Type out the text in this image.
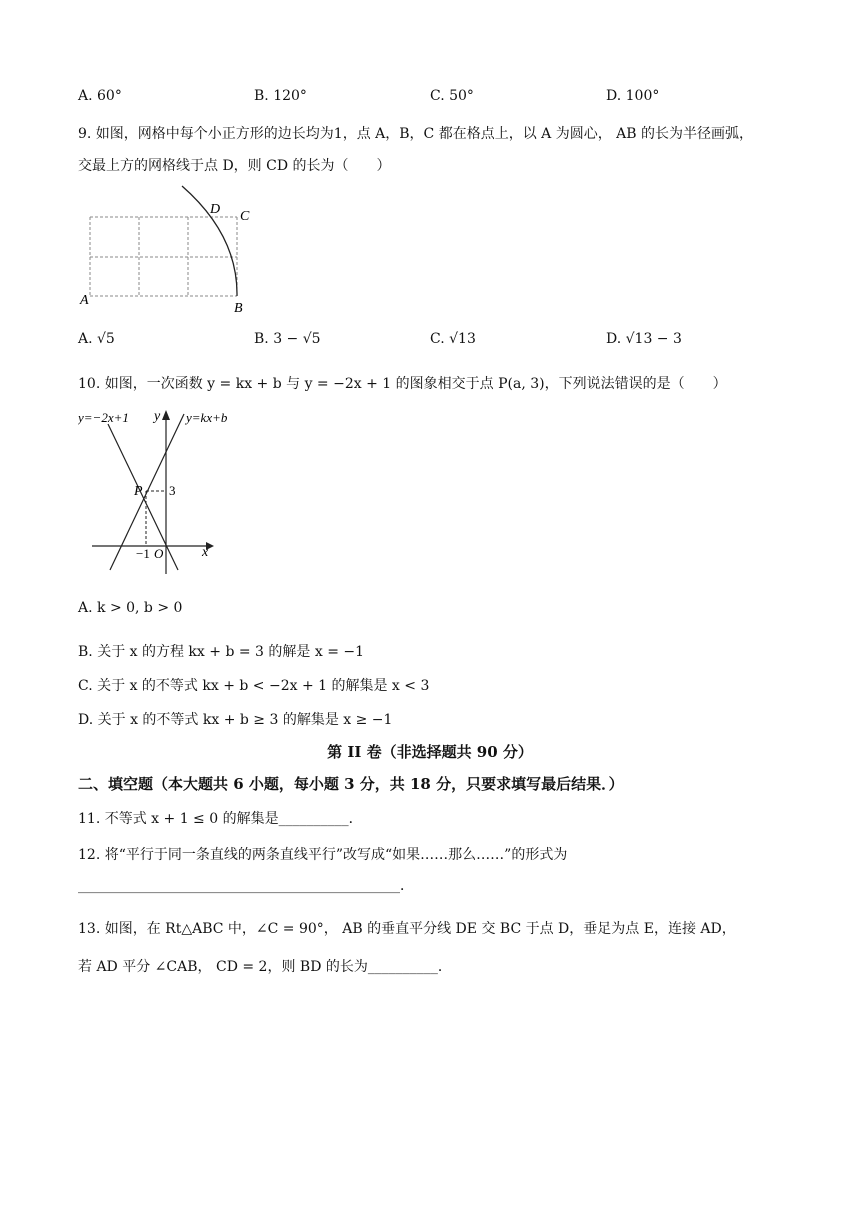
A. 60°	B. 120°	C. 50°	D. 100°
9. 如图，网格中每个小正方形的边长均为1，点 A，B，C 都在格点上，以 A 为圆心， AB 的长为半径画弧，
交最上方的网格线于点 D，则 CD 的长为（　　）
A
B
C
D
A. √5	B. 3 − √5	C. √13	D. √13 − 3
10. 如图，一次函数 y = kx + b 与 y = −2x + 1 的图象相交于点 P(a, 3)，下列说法错误的是（　　）
y=−2x+1	y=kx+b
y
x
P 3
−1 O
A. k > 0, b > 0
B. 关于 x 的方程 kx + b = 3 的解是 x = −1
C. 关于 x 的不等式 kx + b < −2x + 1 的解集是 x < 3
D. 关于 x 的不等式 kx + b ≥ 3 的解集是 x ≥ −1
第 II 卷（非选择题共 90 分）
二、填空题（本大题共 6 小题，每小题 3 分，共 18 分，只要求填写最后结果．）
11. 不等式 x + 1 ≤ 0 的解集是__________．
12. 将“平行于同一条直线的两条直线平行”改写成“如果……那么……”的形式为
______________________________________________．
13. 如图，在 Rt△ABC 中，∠C = 90°， AB 的垂直平分线 DE 交 BC 于点 D，垂足为点 E，连接 AD，
若 AD 平分 ∠CAB， CD = 2，则 BD 的长为__________．
